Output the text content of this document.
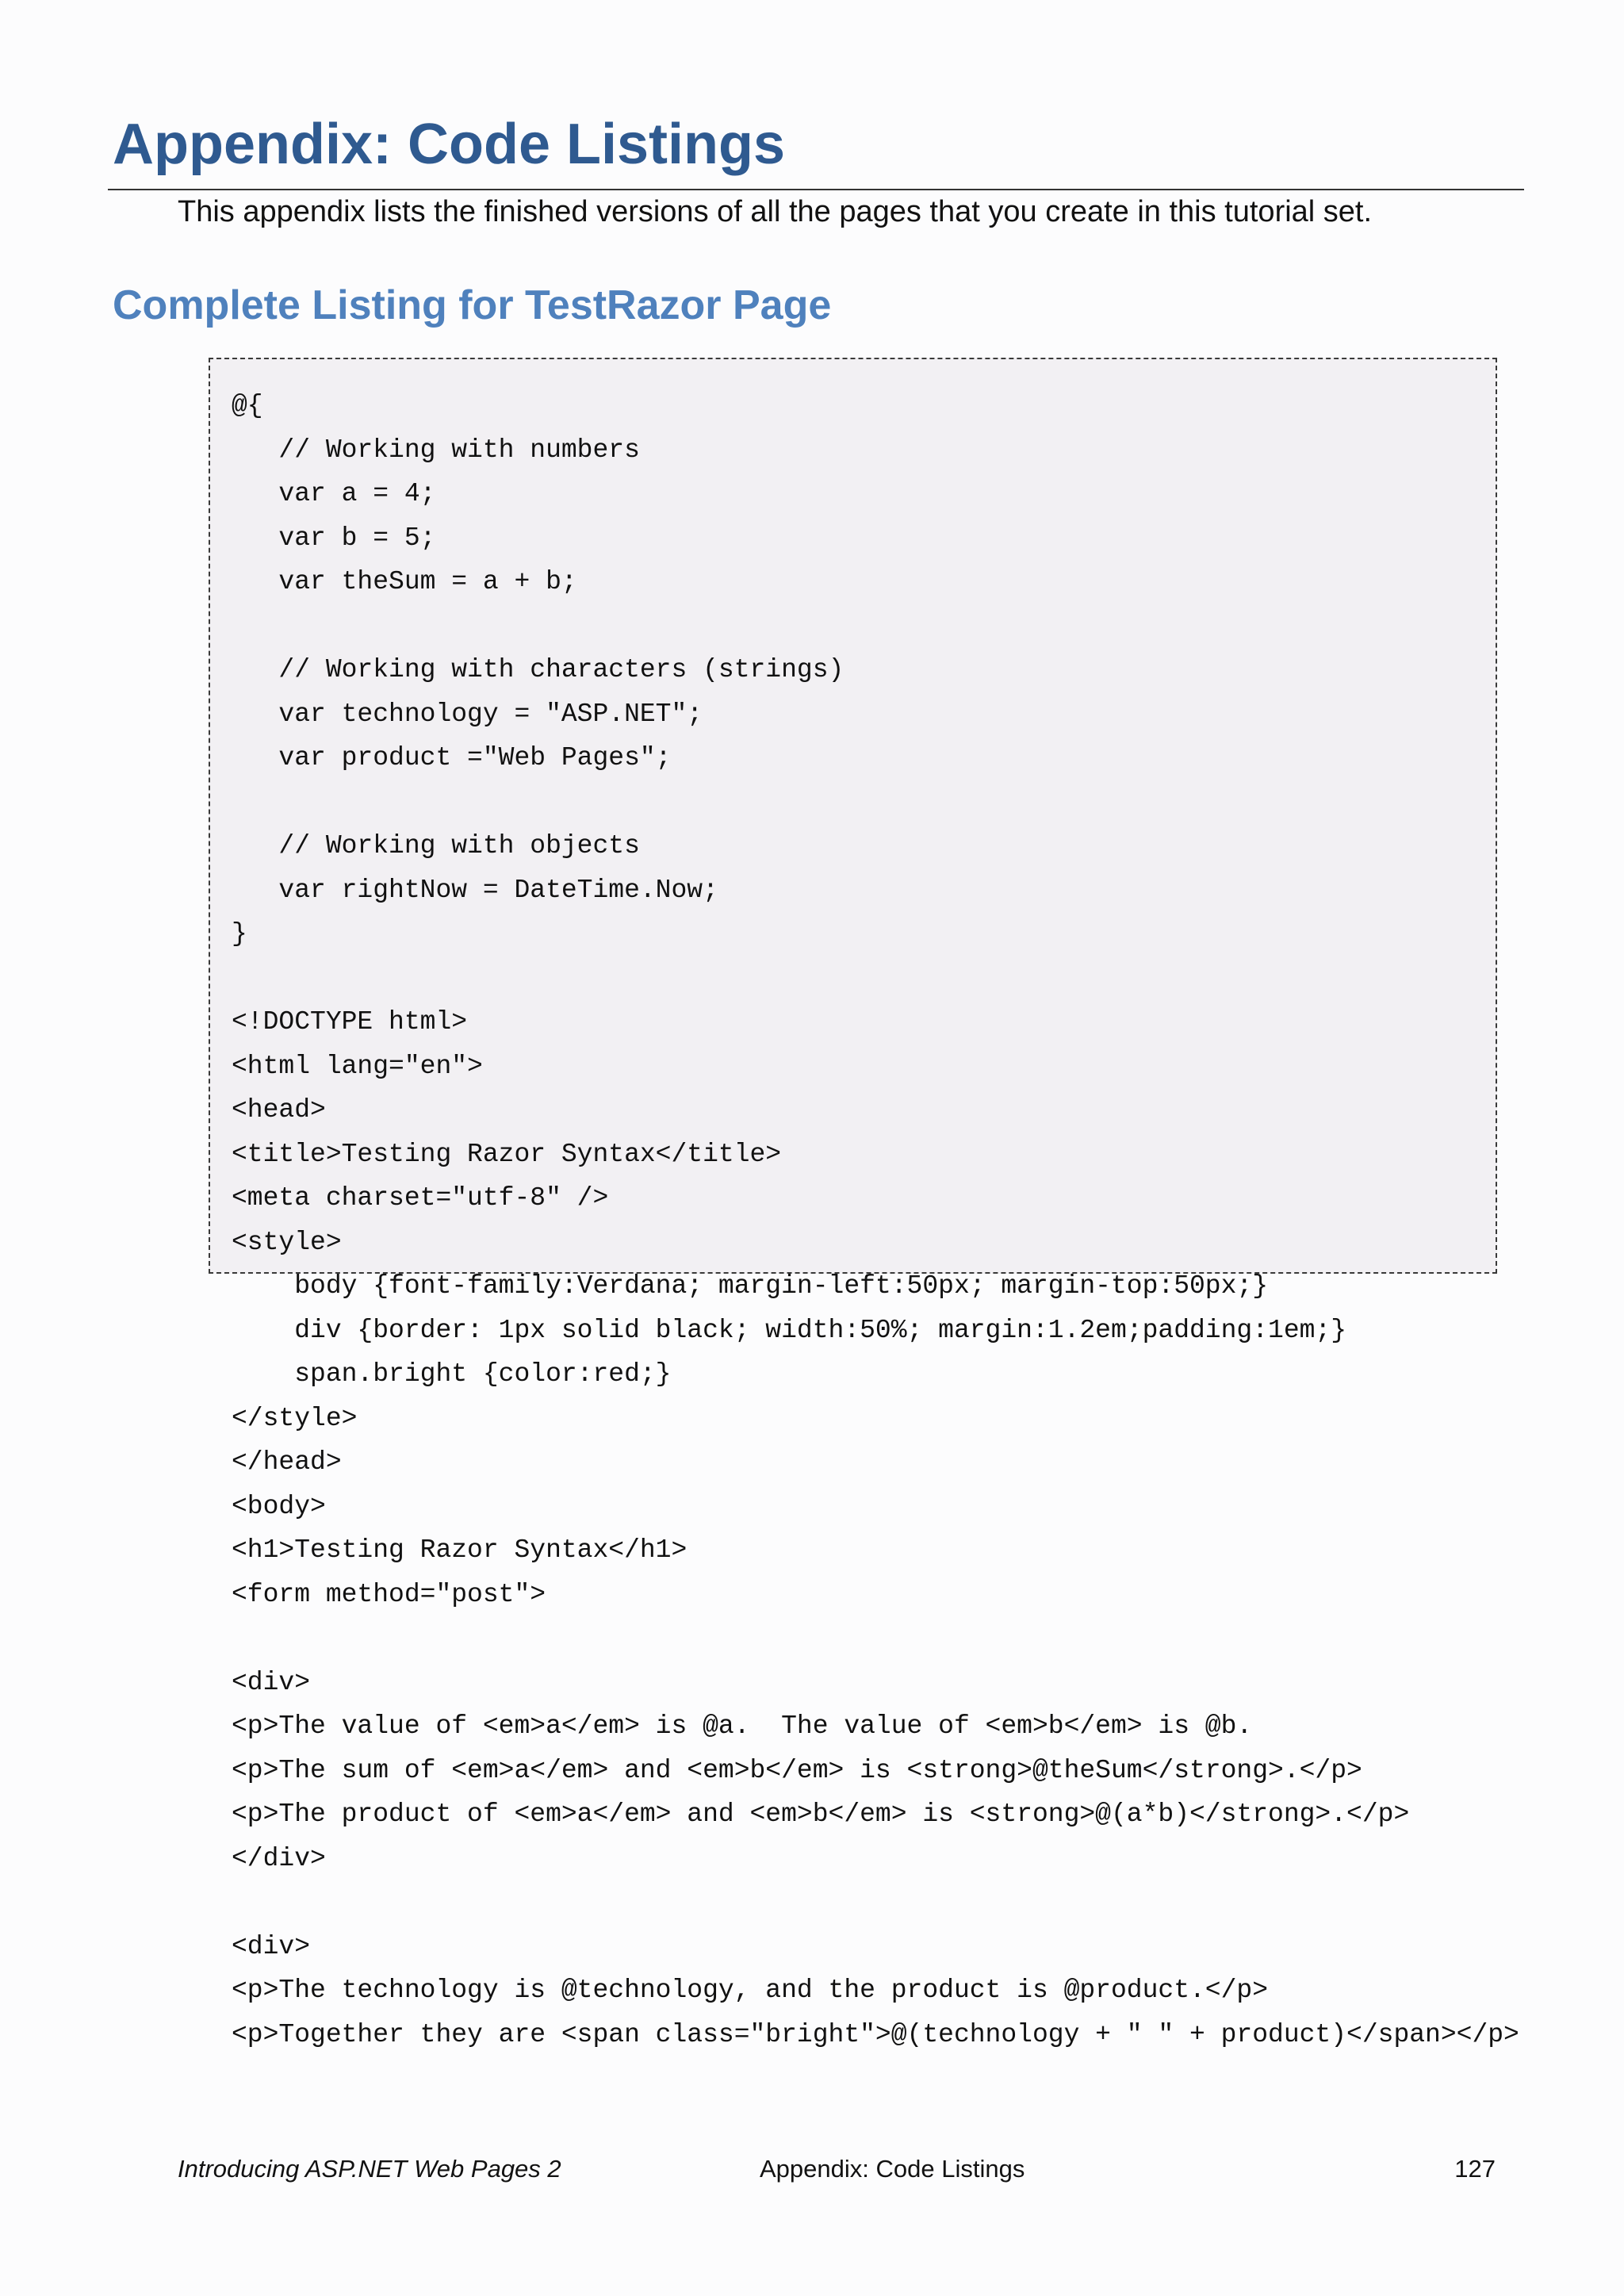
Appendix: Code Listings

This appendix lists the finished versions of all the pages that you create in this tutorial set.

Complete Listing for TestRazor Page
@{
// Working with numbers
var a = 4;
var b = 5;
var theSum = a + b;

// Working with characters (strings)
var technology = "ASP.NET";
var product ="Web Pages";

// Working with objects
var rightNow = DateTime.Now;
}

<!DOCTYPE html>
<html lang="en">
<head>
<title>Testing Razor Syntax</title>
<meta charset="utf-8" />
<style>
body {font-family:Verdana; margin-left:50px; margin-top:50px;}
div {border: 1px solid black; width:50%; margin:1.2em;padding:1em;}
span.bright {color:red;}
</style>
</head>
<body>
<h1>Testing Razor Syntax</h1>
<form method="post">

<div>
<p>The value of <em>a</em> is @a.  The value of <em>b</em> is @b.
<p>The sum of <em>a</em> and <em>b</em> is <strong>@theSum</strong>.</p>
<p>The product of <em>a</em> and <em>b</em> is <strong>@(a*b)</strong>.</p>
</div>

<div>
<p>The technology is @technology, and the product is @product.</p>
<p>Together they are <span class="bright">@(technology + " " + product)</span></p>
Introducing ASP.NET Web Pages 2	Appendix: Code Listings	127
